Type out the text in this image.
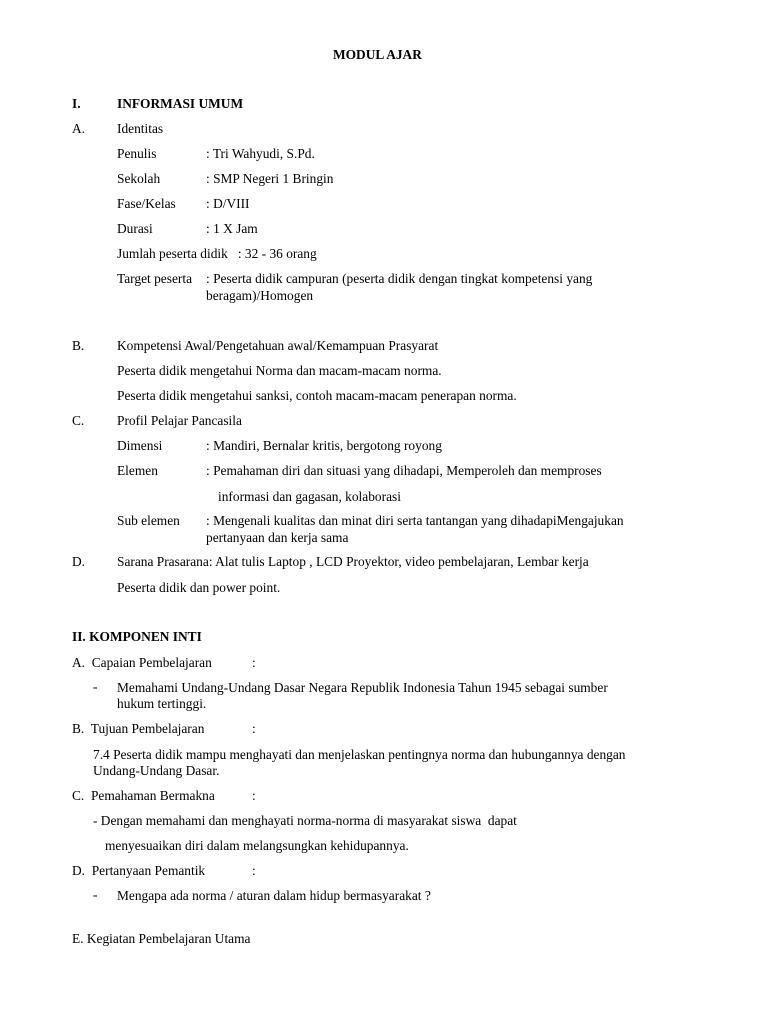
MODUL AJAR
I.	INFORMASI UMUM
A. Identitas
Penulis	: Tri Wahyudi, S.Pd.
Sekolah	: SMP Negeri 1 Bringin
Fase/Kelas : D/VIII
Durasi	: 1 X Jam
Jumlah peserta didik   : 32 - 36 orang
Target peserta : Peserta didik campuran (peserta didik dengan tingkat kompetensi yang
beragam)/Homogen
B. Kompetensi Awal/Pengetahuan awal/Kemampuan Prasyarat
Peserta didik mengetahui Norma dan macam-macam norma.
Peserta didik mengetahui sanksi, contoh macam-macam penerapan norma.
C. Profil Pelajar Pancasila
Dimensi	: Mandiri, Bernalar kritis, bergotong royong
Elemen	: Pemahaman diri dan situasi yang dihadapi, Memperoleh dan memproses
informasi dan gagasan, kolaborasi
Sub elemen : Mengenali kualitas dan minat diri serta tantangan yang dihadapiMengajukan
pertanyaan dan kerja sama
D. Sarana Prasarana: Alat tulis Laptop , LCD Proyektor, video pembelajaran, Lembar kerja
Peserta didik dan power point.
II. KOMPONEN INTI
A.  Capaian Pembelajaran	:
- Memahami Undang-Undang Dasar Negara Republik Indonesia Tahun 1945 sebagai sumber
hukum tertinggi.
B.  Tujuan Pembelajaran	:
7.4 Peserta didik mampu menghayati dan menjelaskan pentingnya norma dan hubungannya dengan
Undang-Undang Dasar.
C.  Pemahaman Bermakna	:
- Dengan memahami dan menghayati norma-norma di masyarakat siswa  dapat
menyesuaikan diri dalam melangsungkan kehidupannya.
D.  Pertanyaan Pemantik	:
- Mengapa ada norma / aturan dalam hidup bermasyarakat ?
E. Kegiatan Pembelajaran Utama
